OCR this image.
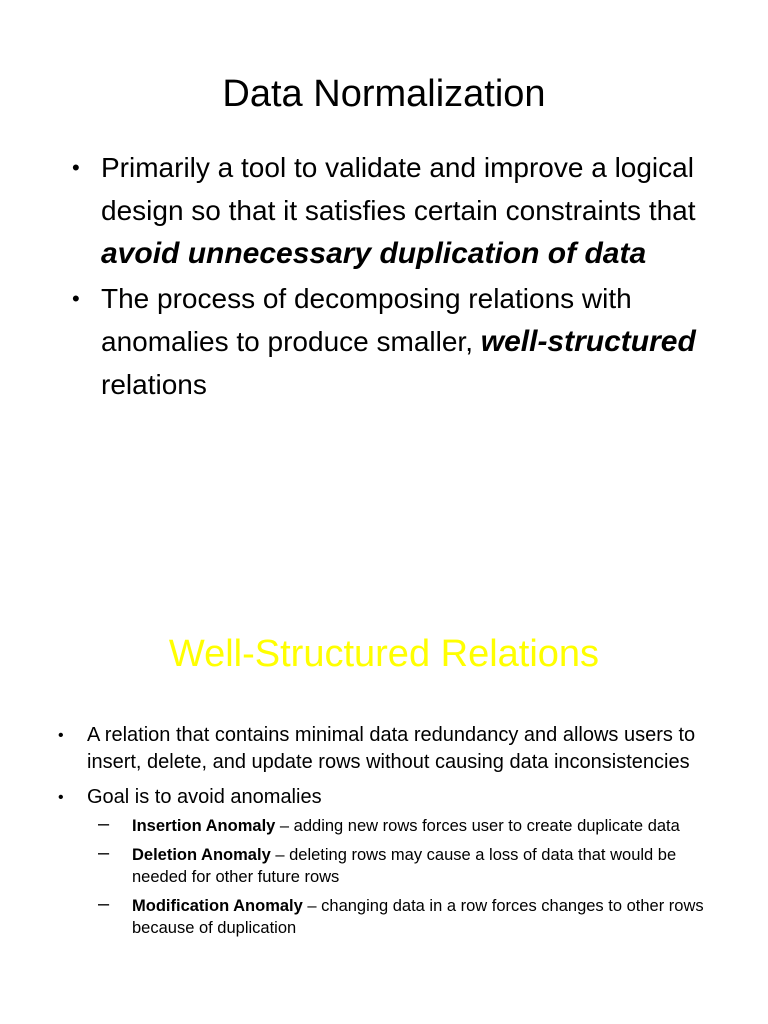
Data Normalization
• Primarily a tool to validate and improve a logical design so that it satisfies certain constraints that avoid unnecessary duplication of data
• The process of decomposing relations with anomalies to produce smaller, well-structured relations
Well-Structured Relations
• A relation that contains minimal data redundancy and allows users to insert, delete, and update rows without causing data inconsistencies
• Goal is to avoid anomalies
– Insertion Anomaly – adding new rows forces user to create duplicate data
– Deletion Anomaly – deleting rows may cause a loss of data that would be needed for other future rows
– Modification Anomaly – changing data in a row forces changes to other rows because of duplication
